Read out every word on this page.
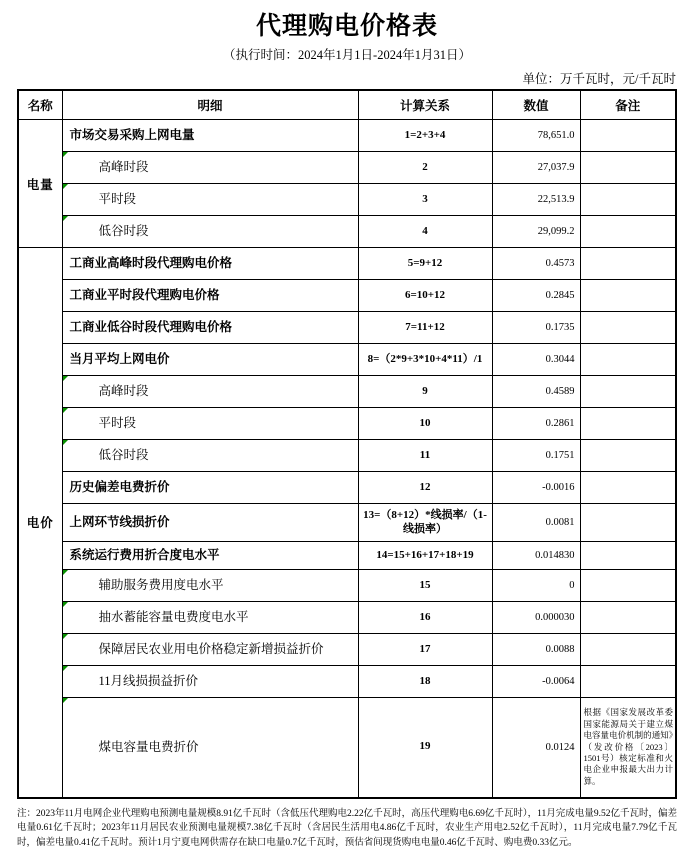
代理购电价格表
（执行时间：2024年1月1日-2024年1月31日）
单位：万千瓦时，元/千瓦时
名称	明细	计算关系	数值	备注
电量	市场交易采购上网电量	1=2+3+4	78,651.0	

	高峰时段	2	27,037.9	

	平时段	3	22,513.9	

	低谷时段	4	29,099.2	
电价	工商业高峰时段代理购电价格	5=9+12	0.4573	

	工商业平时段代理购电价格	6=10+12	0.2845	

	工商业低谷时段代理购电价格	7=11+12	0.1735	

	当月平均上网电价	8=（2*9+3*10+4*11）/1	0.3044	

	高峰时段	9	0.4589	

	平时段	10	0.2861	

	低谷时段	11	0.1751	

	历史偏差电费折价	12	-0.0016	

	上网环节线损折价	13=（8+12）*线损率/（1-线损率）	0.0081	

	系统运行费用折合度电水平	14=15+16+17+18+19	0.014830	

	辅助服务费用度电水平	15	0	

	抽水蓄能容量电费度电水平	16	0.000030	

	保障居民农业用电价格稳定新增损益折价	17	0.0088	

	11月线损损益折价	18	-0.0064	

	煤电容量电费折价	19	0.0124	根据《国家发展改革委 国家能源局关于建立煤电容量电价机制的通知》（发改价格〔2023〕1501号）核定标准和火电企业申报最大出力计算。
注：2023年11月电网企业代理购电预测电量规模8.91亿千瓦时（含低压代理购电2.22亿千瓦时，高压代理购电6.69亿千瓦时），11月完成电量9.52亿千瓦时，偏差电量0.61亿千瓦时；2023年11月居民农业预测电量规模7.38亿千瓦时（含居民生活用电4.86亿千瓦时，农业生产用电2.52亿千瓦时），11月完成电量7.79亿千瓦时，偏差电量0.41亿千瓦时。预计1月宁夏电网供需存在缺口电量0.7亿千瓦时，预估省间现货购电电量0.46亿千瓦时、购电费0.33亿元。
